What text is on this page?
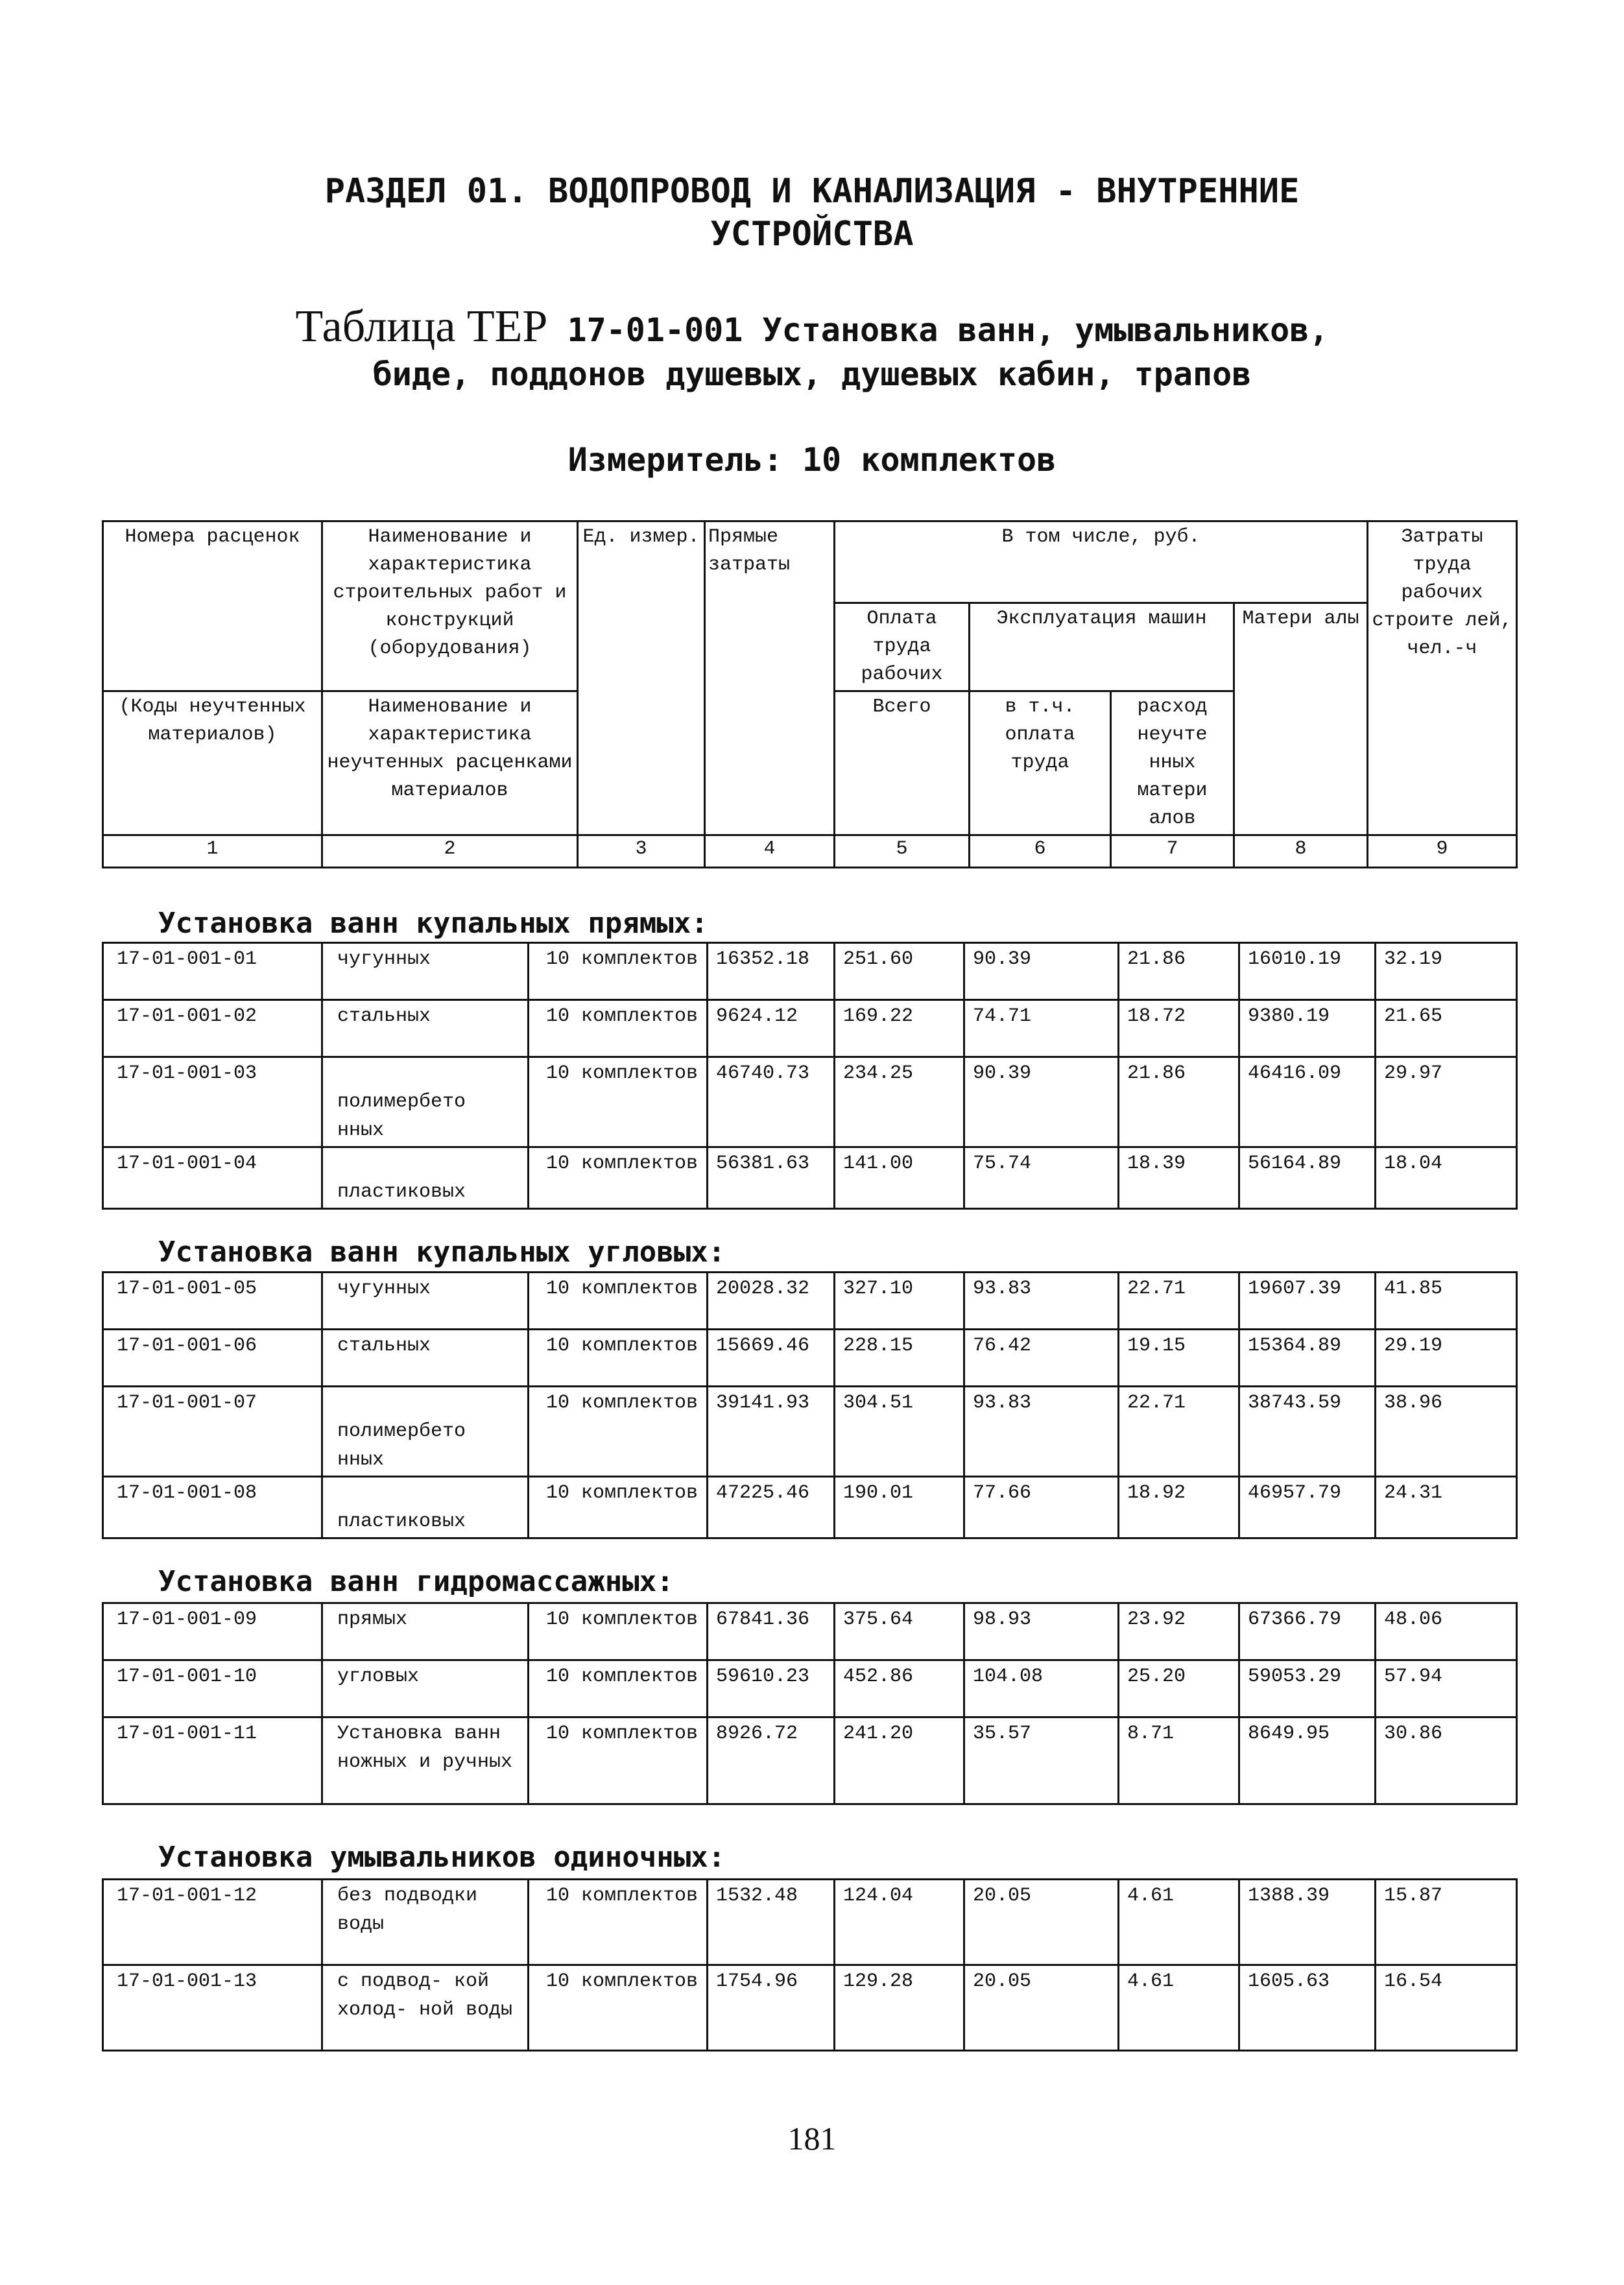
РАЗДЕЛ 01. ВОДОПРОВОД И КАНАЛИЗАЦИЯ - ВНУТРЕННИЕ
УСТРОЙСТВА
Таблица ТЕР 17-01-001 Установка ванн, умывальников,
биде, поддонов душевых, душевых кабин, трапов
Измеритель: 10 комплектов
Номера расценок	Наименование и характеристика строительных работ и конструкций (оборудования)	Ед. измер.	Прямые затраты	В том числе, руб.				Затраты труда рабочих строите лей, чел.-ч
				Оплата труда рабочих	Эксплуатация машин		Матери алы	

(Коды неучтенных материалов)	Наименование и характеристика неучтенных расценками материалов			Всего	в т.ч. оплата труда	расход неучте нных матери алов		
1	2	3	4	5	6	7	8	9
Установка ванн купальных прямых:
17-01-001-01	чугунных	10 комплектов	16352.18	251.60	90.39	21.86	16010.19	32.19
17-01-001-02	стальных	10 комплектов	9624.12	169.22	74.71	18.72	9380.19	21.65
17-01-001-03	полимербето нных	10 комплектов	46740.73	234.25	90.39	21.86	46416.09	29.97
17-01-001-04	пластиковых	10 комплектов	56381.63	141.00	75.74	18.39	56164.89	18.04
Установка ванн купальных угловых:
17-01-001-05	чугунных	10 комплектов	20028.32	327.10	93.83	22.71	19607.39	41.85
17-01-001-06	стальных	10 комплектов	15669.46	228.15	76.42	19.15	15364.89	29.19
17-01-001-07	полимербето нных	10 комплектов	39141.93	304.51	93.83	22.71	38743.59	38.96
17-01-001-08	пластиковых	10 комплектов	47225.46	190.01	77.66	18.92	46957.79	24.31
Установка ванн гидромассажных:
17-01-001-09	прямых	10 комплектов	67841.36	375.64	98.93	23.92	67366.79	48.06
17-01-001-10	угловых	10 комплектов	59610.23	452.86	104.08	25.20	59053.29	57.94
17-01-001-11	Установка ванн ножных и ручных	10 комплектов	8926.72	241.20	35.57	8.71	8649.95	30.86
Установка умывальников одиночных:
17-01-001-12	без подводки воды	10 комплектов	1532.48	124.04	20.05	4.61	1388.39	15.87
17-01-001-13	с подвод- кой холод- ной воды	10 комплектов	1754.96	129.28	20.05	4.61	1605.63	16.54
181
